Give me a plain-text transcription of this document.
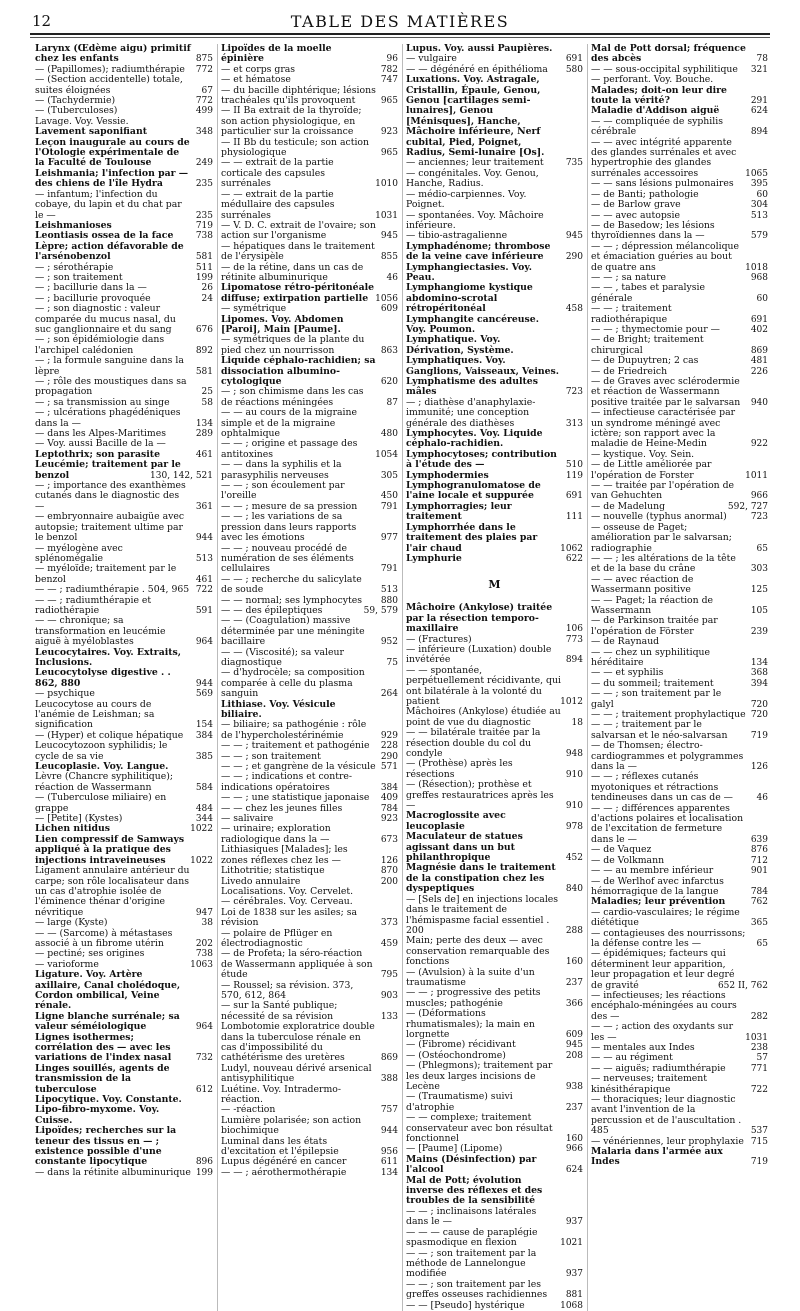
12	TABLE DES MATIÈRES
Larynx (Œdème aigu) primitif chez les enfants	875
— (Papillomes); radiumthérapie	772
— (Section accidentelle) totale, suites éloignées	67
— (Tachydermie)	772
— (Tuberculoses)	499
Lavage. Voy. Vessie.
Lavement saponifiant	348
Leçon inaugurale au cours de l'Otologie expérimentale de la Faculté de Toulouse	249
Leishmania; l'infection par — des chiens de l'île Hydra	235
— infantum; l'infection du cobaye, du lapin et du chat par le —	235
Leishmanioses	719
Leontiasis ossea de la face	738
Lèpre; action défavorable de l'arsénobenzol	581
— ; sérothérapie	511
— ; son traitement	199
— ; bacillurie dans la —	26
— ; bacillurie provoquée	24
— ; son diagnostic : valeur comparée du mucus nasal, du suc ganglionnaire et du sang	676
— ; son épidémiologie dans l'archipel calédonien	892
— ; la formule sanguine dans la lèpre	581
— ; rôle des moustiques dans sa propagation	25
— ; sa transmission au singe	58
— ; ulcérations phagédéniques dans la —	134
— dans les Alpes-Maritimes	289
— Voy. aussi Bacille de la —
Leptothrix; son parasite	461
Leucémie; traitement par le benzol	130, 142, 521
— ; importance des exanthèmes cutanés dans le diagnostic des —	361
— embryonnaire aubaigüe avec autopsie; traitement ultime par le benzol	944
— myélogène avec splénomégalie	513
— myéloïde; traitement par le benzol	461
— — ; radiumthérapie . 504, 965 722
— — ; radiumthérapie et radiothérapie	591
— — chronique; sa transformation en leucémie aiguë à myéloblastes	964
Leucocytaires. Voy. Extraits, Inclusions.
Leucocytolyse digestive . . 862, 880	944
— psychique	569
Leucocytose au cours de l'anémie de Leishman; sa signification	154
— (Hyper) et colique hépatique	384
Leucocytozoon syphilidis; le cycle de sa vie	385
Leucoplasie. Voy. Langue.
Lèvre (Chancre syphilitique); réaction de Wassermann	584
— (Tuberculose miliaire) en grappe	484
— [Petite] (Kystes)	344
Lichen nitidus	1022
Lien compressif de Samways appliqué à la pratique des injections intraveineuses	1022
Ligament annulaire antérieur du carpe; son rôle localisateur dans un cas d'atrophie isolée de l'éminence thénar d'origine névritique	947
— large (Kyste)	38
— — (Sarcome) à métastases associé à un fibrome utérin	202
— pectiné; ses origines	738
— varioforme	1063
Ligature. Voy. Artère axillaire, Canal cholédoque, Cordon ombilical, Veine rénale.
Ligne blanche surrénale; sa valeur séméiologique	964
Lignes isothermes; corrélation des — avec les variations de l'index nasal	732
Linges souillés, agents de transmission de la tuberculose	612
Lipocytique. Voy. Constante.
Lipo-fibro-myxome. Voy. Cuisse.
Lipoïdes; recherches sur la teneur des tissus en — ; existence possible d'une constante lipocytique	896
— dans la rétinite albuminurique 199
Lipoïdes de la moelle épinière	96
— et corps gras	782
— et hématose	747
— du bacille diphtérique; lésions trachéales qu'ils provoquent	965
— II Ba extrait de la thyroïde; son action physiologique, en particulier sur la croissance	923
— II Bb du testicule; son action physiologique	965
— — extrait de la partie corticale des capsules surrénales	1010
— — extrait de la partie médullaire des capsules surrénales	1031
— V. D. C. extrait de l'ovaire; son action sur l'organisme	945
— hépatiques dans le traitement de l'érysipèle	855
— de la rétine, dans un cas de rétinite albuminurique	46
Lipomatose rétro-péritonéale diffuse; extirpation partielle 1056
— symétrique	609
Lipomes. Voy. Abdomen [Paroi], Main [Paume].
— symétriques de la plante du pied chez un nourrisson	863
Liquide céphalo-rachidien; sa dissociation albumino-cytologique	620
— ; son chimisme dans les cas de réactions méningées	87
— — au cours de la migraine simple et de la migraine ophtalmique	480
— — ; origine et passage des antitoxines	1054
— — dans la syphilis et la parasyphilis nerveuses	305
— — ; son écoulement par l'oreille	450
— — ; mesure de sa pression	791
— — ; les variations de sa pression dans leurs rapports avec les émotions	977
— — ; nouveau procédé de numération de ses éléments cellulaires	791
— — ; recherche du salicylate de soude	513
— — normal; ses lymphocytes	880
— — des épileptiques	59, 579
— — (Coagulation) massive déterminée par une méningite bacillaire	952
— — (Viscosité); sa valeur diagnostique	75
— d'hydrocèle; sa composition comparée à celle du plasma sanguin	264
Lithiase. Voy. Vésicule biliaire.
— biliaire; sa pathogénie : rôle de l'hypercholestérinémie	929
— — ; traitement et pathogénie	228
— — ; son traitement	290
— — ; et gangrène de la vésicule 571
— — ; indications et contre-indications opératoires	384
— — ; une statistique japonaise	409
— — chez les jeunes filles	784
— salivaire	923
— urinaire; exploration radiologique dans la —	673
Lithiasiques [Malades]; les zones réflexes chez les —	126
Lithotritie; statistique	870
Livedo annulaire	200
Localisations. Voy. Cervelet.
— cérébrales. Voy. Cerveau.
Loi de 1838 sur les asiles; sa révision	373
— polaire de Pflüger en électrodiagnostic	459
— de Profeta; la séro-réaction de Wassermann appliquée à son étude	795
— Roussel; sa révision. 373, 570, 612, 864	903
— sur la Santé publique; nécessité de sa révision	133
Lombotomie exploratrice double dans la tuberculose rénale en cas d'impossibilité du cathétérisme des uretères	869
Ludyl, nouveau dérivé arsenical antisyphilitique	388
Luétine. Voy. Intradermo-réaction.
— -réaction	757
Lumière polarisée; son action biochimique	944
Luminal dans les états d'excitation et l'épilepsie	956
Lupus dégénéré en cancer	611
— — ; aérothermothérapie	134
Lupus. Voy. aussi Paupières.
— vulgaire	691
— — dégénéré en épithélioma	580
Luxations. Voy. Astragale, Cristallin, Épaule, Genou, Genou [cartilages semi-lunaires], Genou [Ménisques], Hanche, Mâchoire inférieure, Nerf cubital, Pied, Poignet, Radius, Semi-lunaire [Os].
— anciennes; leur traitement	735
— congénitales. Voy. Genou, Hanche, Radius.
— médio-carpiennes. Voy. Poignet.
— spontanées. Voy. Mâchoire inférieure.
— tibio-astragalienne	945
Lymphadénome; thrombose de la veine cave inférieure	290
Lymphangiectasies. Voy. Peau.
Lymphangiome kystique abdomino-scrotal rétropéritonéal	458
Lymphangite cancéreuse. Voy. Poumon.
Lymphatique. Voy. Dérivation, Système.
Lymphatiques. Voy. Ganglions, Vaisseaux, Veines.
Lymphatisme des adultes mâles	723
— ; diathèse d'anaphylaxie-immunité; une conception générale des diathèses	313
Lymphocytes. Voy. Liquide céphalo-rachidien.
Lymphocytoses; contribution à l'étude des —	510
Lymphodermies	119
Lymphogranulomatose de l'aine locale et suppurée	691
Lymphorragies; leur traitement	111
Lymphorrhée dans le traitement des plaies par l'air chaud	1062
Lymphurie	622
M
Mâchoire (Ankylose) traitée par la résection temporo-maxillaire	106
— (Fractures)	773
— inférieure (Luxation) double invétérée	894
— — spontanée, perpétuellement récidivante, qui ont bilatérale à la volonté du patient	1012
Mâchoires (Ankylose) étudiée au point de vue du diagnostic	18
— — bilatérale traitée par la résection double du col du condyle	948
— (Prothèse) après les résections	910
— (Résection); prothèse et greffes restauratrices après les —	910
Macroglossite avec leucoplasie	978
Maculateur de statues agissant dans un but philanthropique	452
Magnésie dans le traitement de la constipation chez les dyspeptiques	840
— [Sels de] en injections locales dans le traitement de l'hémispasme facial essentiel . 200	288
Main; perte des deux — avec conservation remarquable des fonctions	160
— (Avulsion) à la suite d'un traumatisme	237
— — ; progressive des petits muscles; pathogénie	366
— (Déformations rhumatismales); la main en lorgnette	609
— (Fibrome) récidivant	945
— (Ostéochondrome)	208
— (Phlegmons); traitement par les deux larges incisions de Lecène	938
— (Traumatisme) suivi d'atrophie	237
— — complexe; traitement conservateur avec bon résultat fonctionnel	160
— [Paume] (Lipome)	966
Mains (Désinfection) par l'alcool	624
Mal de Pott; évolution inverse des réflexes et des troubles de la sensibilité
— — ; inclinaisons latérales dans le —	937
— — — cause de paraplégie spasmodique en flexion	1021
— — ; son traitement par la méthode de Lannelongue modifiée	937
— — ; son traitement par les greffes osseuses rachidiennes	881
— — [Pseudo] hystérique	1068
Mal de Pott dorsal; fréquence des abcès	78
— — sous-occipital syphilitique	321
— perforant. Voy. Bouche.
Malades; doit-on leur dire toute la vérité?	291
Maladie d'Addison aiguë	624
— — compliquée de syphilis cérébrale	894
— — avec intégrité apparente des glandes surrénales et avec hypertrophie des glandes surrénales accessoires	1065
— — sans lésions pulmonaires	395
— de Banti; pathologie	60
— de Barlow grave	304
— — avec autopsie	513
— de Basedow; les lésions thyroïdiennes dans la —	579
— — ; dépression mélancolique et émaciation guéries au bout de quatre ans	1018
— — ; sa nature	968
— — , tabes et paralysie générale	60
— — ; traitement radiothérapique	691
— — ; thymectomie pour —	402
— de Bright; traitement chirurgical	869
— de Dupuytren; 2 cas	481
— de Friedreich	226
— de Graves avec sclérodermie et réaction de Wassermann positive traitée par le salvarsan	940
— infectieuse caractérisée par un syndrome méningé avec ictère; son rapport avec la maladie de Heine-Medin	922
— kystique. Voy. Sein.
— de Little améliorée par l'opération de Forster	1011
— — traitée par l'opération de van Gehuchten	966
— de Madelung	592, 727
— nouvelle (typhus anormal)	723
— osseuse de Paget; amélioration par le salvarsan; radiographie	65
— — ; les altérations de la tête et de la base du crâne	303
— — avec réaction de Wassermann positive	125
— — Paget; la réaction de Wassermann	105
— de Parkinson traitée par l'opération de Förster	239
— de Raynaud
— — chez un syphilitique héréditaire	134
— — et syphilis	368
— du sommeil; traitement	394
— — ; son traitement par le galyl	720
— — ; traitement prophylactique 720
— — ; traitement par le salvarsan et le néo-salvarsan	719
— de Thomsen; électro-cardiogrammes et polygrammes dans la —	126
— — ; réflexes cutanés myotoniques et rétractions tendineuses dans un cas de —	46
— — ; différences apparentes d'actions polaires et localisation de l'excitation de fermeture dans le —	639
— de Vaquez	876
— de Volkmann	712
— — au membre inférieur	901
— de Werlhof avec infarctus hémorragique de la langue	784
Maladies; leur prévention	762
— cardio-vasculaires; le régime diététique	365
— contagieuses des nourrissons; la défense contre les —	65
— épidémiques; facteurs qui déterminent leur apparition, leur propagation et leur degré de gravité	652 II, 762
— infectieuses; les réactions encéphalo-méningées au cours des —	282
— — ; action des oxydants sur les —	1031
— mentales aux Indes	238
— — au régiment	57
— — aiguës; radiumthérapie	771
— nerveuses; traitement kinésithérapique	722
— thoraciques; leur diagnostic avant l'invention de la percussion et de l'auscultation . 485	537
— vénériennes, leur prophylaxie 715
Malaria dans l'armée aux Indes	719
